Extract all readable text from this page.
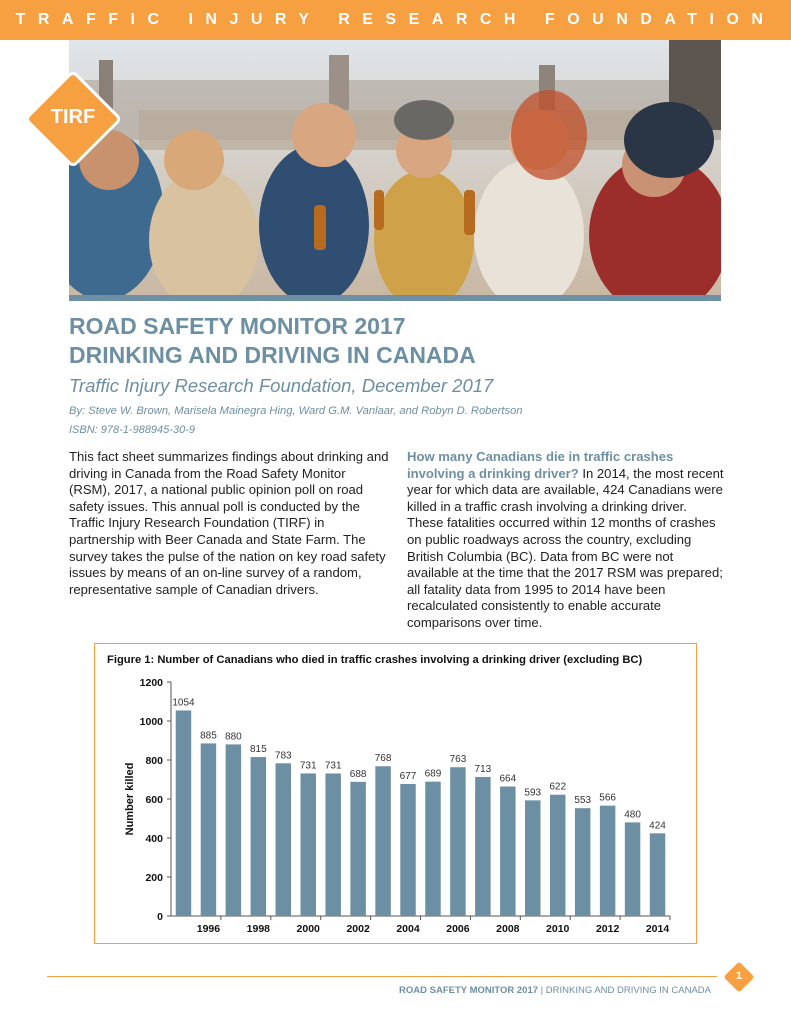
TRAFFIC INJURY RESEARCH FOUNDATION
TIRF
ROAD SAFETY MONITOR 2017
DRINKING AND DRIVING IN CANADA
Traffic Injury Research Foundation, December 2017
By: Steve W. Brown, Marisela Mainegra Hing, Ward G.M. Vanlaar, and Robyn D. Robertson
ISBN: 978-1-988945-30-9
This fact sheet summarizes findings about drinking and driving in Canada from the Road Safety Monitor (RSM), 2017, a national public opinion poll on road safety issues. This annual poll is conducted by the Traffic Injury Research Foundation (TIRF) in partnership with Beer Canada and State Farm. The survey takes the pulse of the nation on key road safety issues by means of an on-line survey of a random, representative sample of Canadian drivers.
How many Canadians die in traffic crashes involving a drinking driver? In 2014, the most recent year for which data are available, 424 Canadians were killed in a traffic crash involving a drinking driver. These fatalities occurred within 12 months of crashes on public roadways across the country, excluding British Columbia (BC). Data from BC were not available at the time that the 2017 RSM was prepared; all fatality data from 1995 to 2014 have been recalculated consistently to enable accurate comparisons over time.
Figure 1: Number of Canadians who died in traffic crashes involving a drinking driver (excluding BC)
0
200
400
600
800
1000
1200
Number killed
1054
885 880
815
783
731 731
688
768
677 689
763
713
664
593
622
553 566
480
424
1996	1998	2000	2002	2004	2006	2008	2010	2012	2014
ROAD SAFETY MONITOR 2017 | DRINKING AND DRIVING IN CANADA
1
